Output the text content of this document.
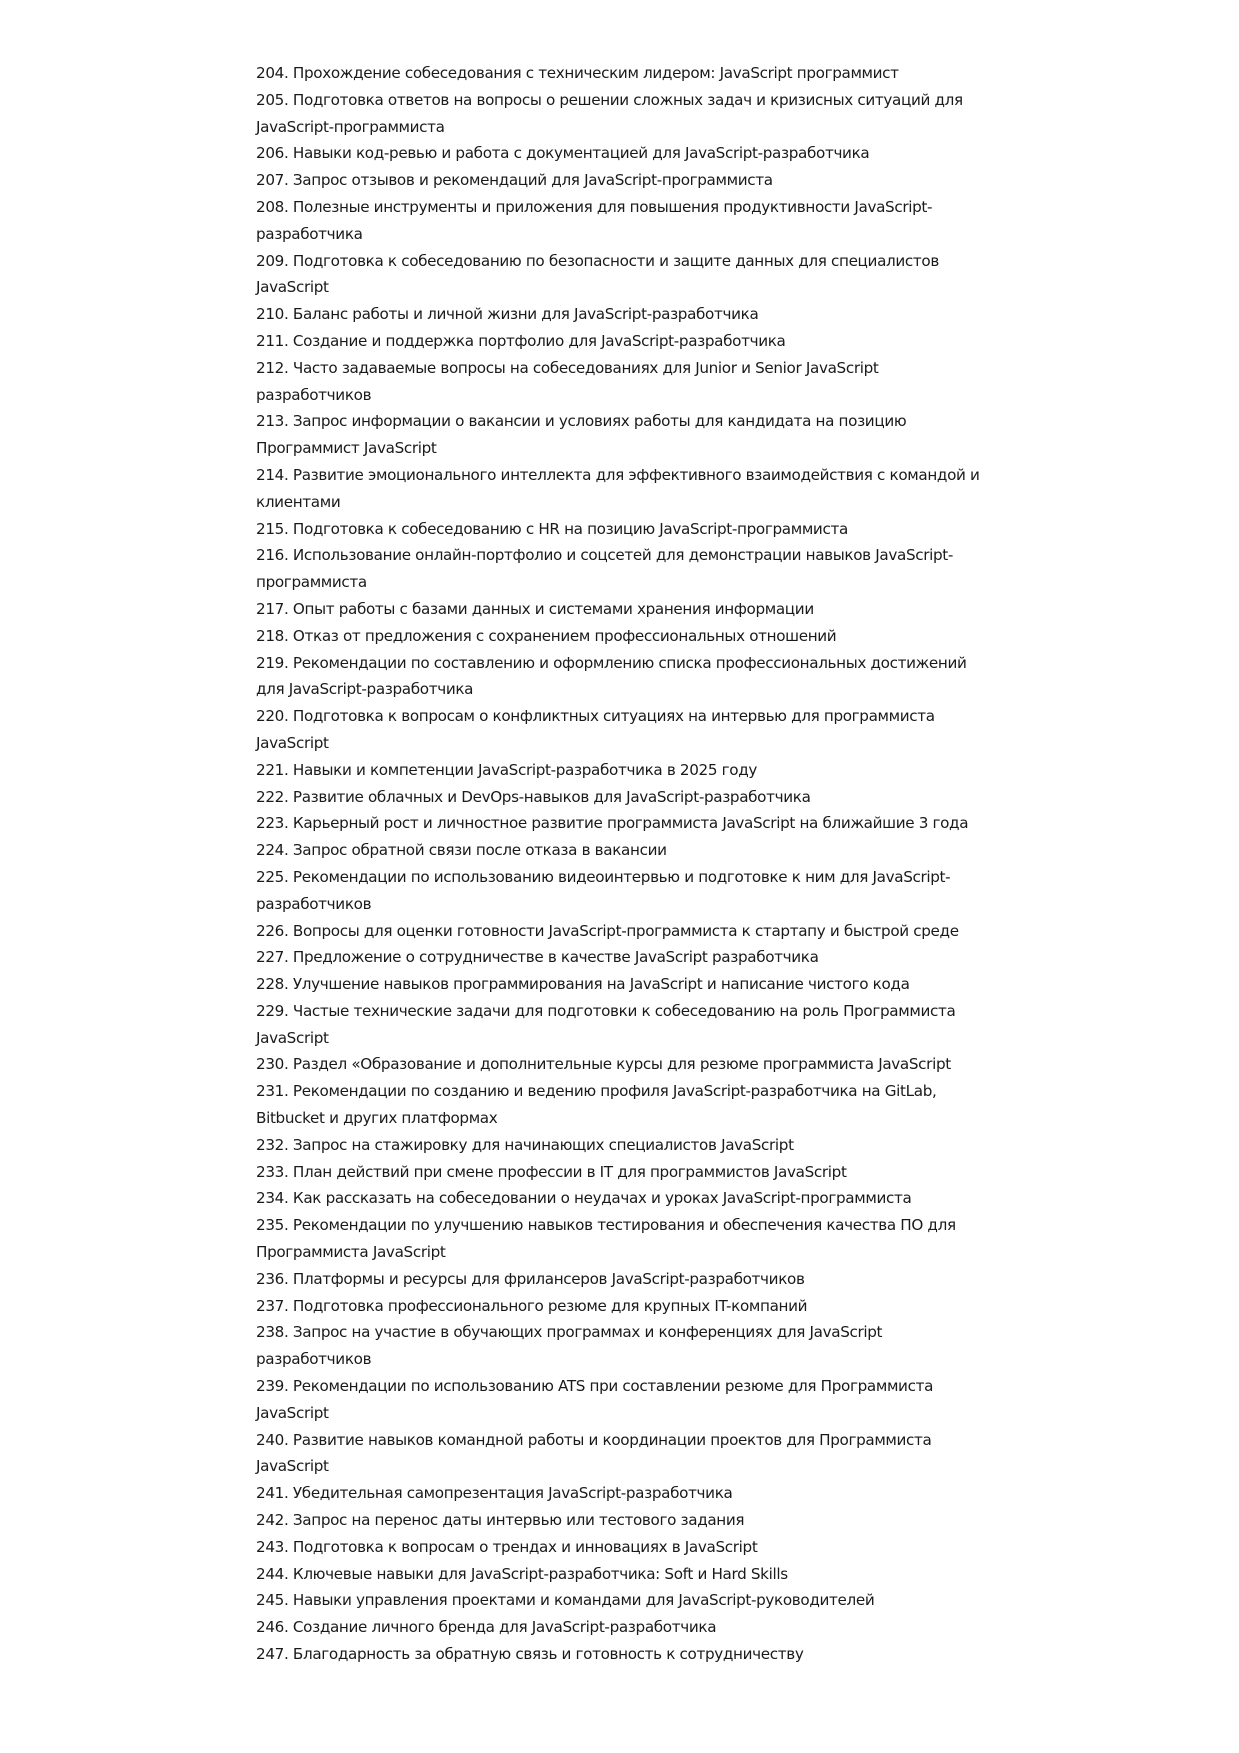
204. Прохождение собеседования с техническим лидером: JavaScript программист
205. Подготовка ответов на вопросы о решении сложных задач и кризисных ситуаций для JavaScript-программиста
206. Навыки код-ревью и работа с документацией для JavaScript-разработчика
207. Запрос отзывов и рекомендаций для JavaScript-программиста
208. Полезные инструменты и приложения для повышения продуктивности JavaScript-разработчика
209. Подготовка к собеседованию по безопасности и защите данных для специалистов JavaScript
210. Баланс работы и личной жизни для JavaScript-разработчика
211. Создание и поддержка портфолио для JavaScript-разработчика
212. Часто задаваемые вопросы на собеседованиях для Junior и Senior JavaScript разработчиков
213. Запрос информации о вакансии и условиях работы для кандидата на позицию Программист JavaScript
214. Развитие эмоционального интеллекта для эффективного взаимодействия с командой и клиентами
215. Подготовка к собеседованию с HR на позицию JavaScript-программиста
216. Использование онлайн-портфолио и соцсетей для демонстрации навыков JavaScript-программиста
217. Опыт работы с базами данных и системами хранения информации
218. Отказ от предложения с сохранением профессиональных отношений
219. Рекомендации по составлению и оформлению списка профессиональных достижений для JavaScript-разработчика
220. Подготовка к вопросам о конфликтных ситуациях на интервью для программиста JavaScript
221. Навыки и компетенции JavaScript-разработчика в 2025 году
222. Развитие облачных и DevOps-навыков для JavaScript-разработчика
223. Карьерный рост и личностное развитие программиста JavaScript на ближайшие 3 года
224. Запрос обратной связи после отказа в вакансии
225. Рекомендации по использованию видеоинтервью и подготовке к ним для JavaScript-разработчиков
226. Вопросы для оценки готовности JavaScript-программиста к стартапу и быстрой среде
227. Предложение о сотрудничестве в качестве JavaScript разработчика
228. Улучшение навыков программирования на JavaScript и написание чистого кода
229. Частые технические задачи для подготовки к собеседованию на роль Программиста JavaScript
230. Раздел «Образование и дополнительные курсы для резюме программиста JavaScript
231. Рекомендации по созданию и ведению профиля JavaScript-разработчика на GitLab, Bitbucket и других платформах
232. Запрос на стажировку для начинающих специалистов JavaScript
233. План действий при смене профессии в IT для программистов JavaScript
234. Как рассказать на собеседовании о неудачах и уроках JavaScript-программиста
235. Рекомендации по улучшению навыков тестирования и обеспечения качества ПО для Программиста JavaScript
236. Платформы и ресурсы для фрилансеров JavaScript-разработчиков
237. Подготовка профессионального резюме для крупных IT-компаний
238. Запрос на участие в обучающих программах и конференциях для JavaScript разработчиков
239. Рекомендации по использованию ATS при составлении резюме для Программиста JavaScript
240. Развитие навыков командной работы и координации проектов для Программиста JavaScript
241. Убедительная самопрезентация JavaScript-разработчика
242. Запрос на перенос даты интервью или тестового задания
243. Подготовка к вопросам о трендах и инновациях в JavaScript
244. Ключевые навыки для JavaScript-разработчика: Soft и Hard Skills
245. Навыки управления проектами и командами для JavaScript-руководителей
246. Создание личного бренда для JavaScript-разработчика
247. Благодарность за обратную связь и готовность к сотрудничеству
